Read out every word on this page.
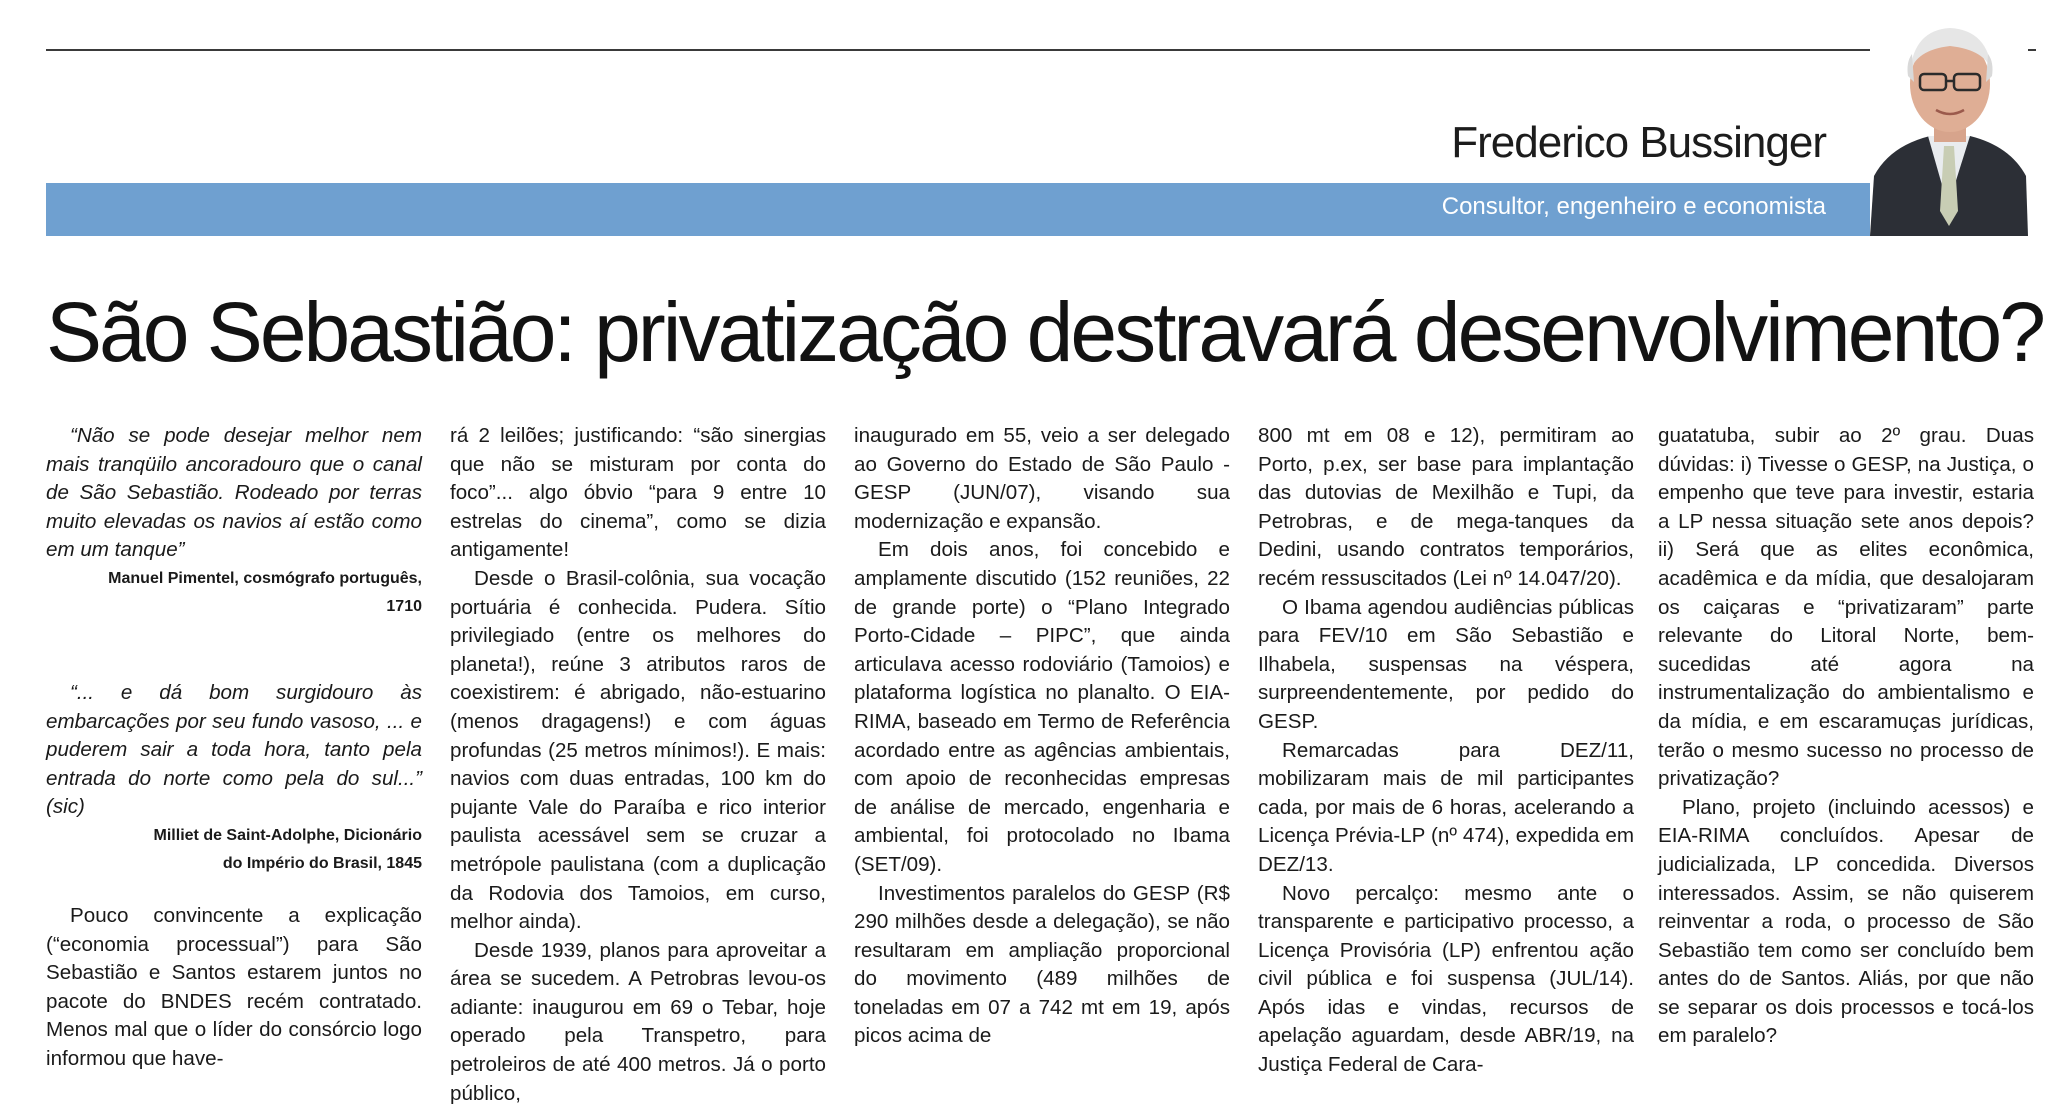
Frederico Bussinger
Consultor, engenheiro e economista
São Sebastião: privatização destravará desenvolvimento?

“Não se pode desejar melhor nem mais tranqüilo ancoradouro que o canal de São Sebastião. Rodeado por terras muito elevadas os navios aí estão como em um tanque”

Manuel Pimentel, cosmógrafo português, 1710

“... e dá bom surgidouro às embarcações por seu fundo vasoso, ... e puderem sair a toda hora, tanto pela entrada do norte como pela do sul...” (sic)

Milliet de Saint-Adolphe, Dicionário

do Império do Brasil, 1845

Pouco convincente a explicação (“economia processual”) para São Sebastião e Santos estarem juntos no pacote do BNDES recém contratado. Menos mal que o líder do consórcio logo informou que have-

rá 2 leilões; justificando: “são sinergias que não se misturam por conta do foco”... algo óbvio “para 9 entre 10 estrelas do cinema”, como se dizia antigamente!

Desde o Brasil-colônia, sua vocação portuária é conhecida. Pudera. Sítio privilegiado (entre os melhores do planeta!), reúne 3 atributos raros de coexistirem: é abrigado, não-estuarino (menos dragagens!) e com águas profundas (25 metros mínimos!). E mais: navios com duas entradas, 100 km do pujante Vale do Paraíba e rico interior paulista acessável sem se cruzar a metrópole paulistana (com a duplicação da Rodovia dos Tamoios, em curso, melhor ainda).

Desde 1939, planos para aproveitar a área se sucedem. A Petrobras levou-os adiante: inaugurou em 69 o Tebar, hoje operado pela Transpetro, para petroleiros de até 400 metros. Já o porto público,

inaugurado em 55, veio a ser delegado ao Governo do Estado de São Paulo - GESP (JUN/07), visando sua modernização e expansão.

Em dois anos, foi concebido e amplamente discutido (152 reuniões, 22 de grande porte) o “Plano Integrado Porto-Cidade – PIPC”, que ainda articulava acesso rodoviário (Tamoios) e plataforma logística no planalto. O EIA-RIMA, baseado em Termo de Referência acordado entre as agências ambientais, com apoio de reconhecidas empresas de análise de mercado, engenharia e ambiental, foi protocolado no Ibama (SET/09).

Investimentos paralelos do GESP (R$ 290 milhões desde a delegação), se não resultaram em ampliação proporcional do movimento (489 milhões de toneladas em 07 a 742 mt em 19, após picos acima de

800 mt em 08 e 12), permitiram ao Porto, p.ex, ser base para implantação das dutovias de Mexilhão e Tupi, da Petrobras, e de mega-tanques da Dedini, usando contratos temporários, recém ressuscitados (Lei nº 14.047/20).

O Ibama agendou audiências públicas para FEV/10 em São Sebastião e Ilhabela, suspensas na véspera, surpreendentemente, por pedido do GESP.

Remarcadas para DEZ/11, mobilizaram mais de mil participantes cada, por mais de 6 horas, acelerando a Licença Prévia-LP (nº 474), expedida em DEZ/13.

Novo percalço: mesmo ante o transparente e participativo processo, a Licença Provisória (LP) enfrentou ação civil pública e foi suspensa (JUL/14). Após idas e vindas, recursos de apelação aguardam, desde ABR/19, na Justiça Federal de Cara-

guatatuba, subir ao 2º grau. Duas dúvidas: i) Tivesse o GESP, na Justiça, o empenho que teve para investir, estaria a LP nessa situação sete anos depois? ii) Será que as elites econômica, acadêmica e da mídia, que desalojaram os caiçaras e “privatizaram” parte relevante do Litoral Norte, bem-sucedidas até agora na instrumentalização do ambientalismo e da mídia, e em escaramuças jurídicas, terão o mesmo sucesso no processo de privatização?

Plano, projeto (incluindo acessos) e EIA-RIMA concluídos. Apesar de judicializada, LP concedida. Diversos interessados. Assim, se não quiserem reinventar a roda, o processo de São Sebastião tem como ser concluído bem antes do de Santos. Aliás, por que não se separar os dois processos e tocá-los em paralelo?
